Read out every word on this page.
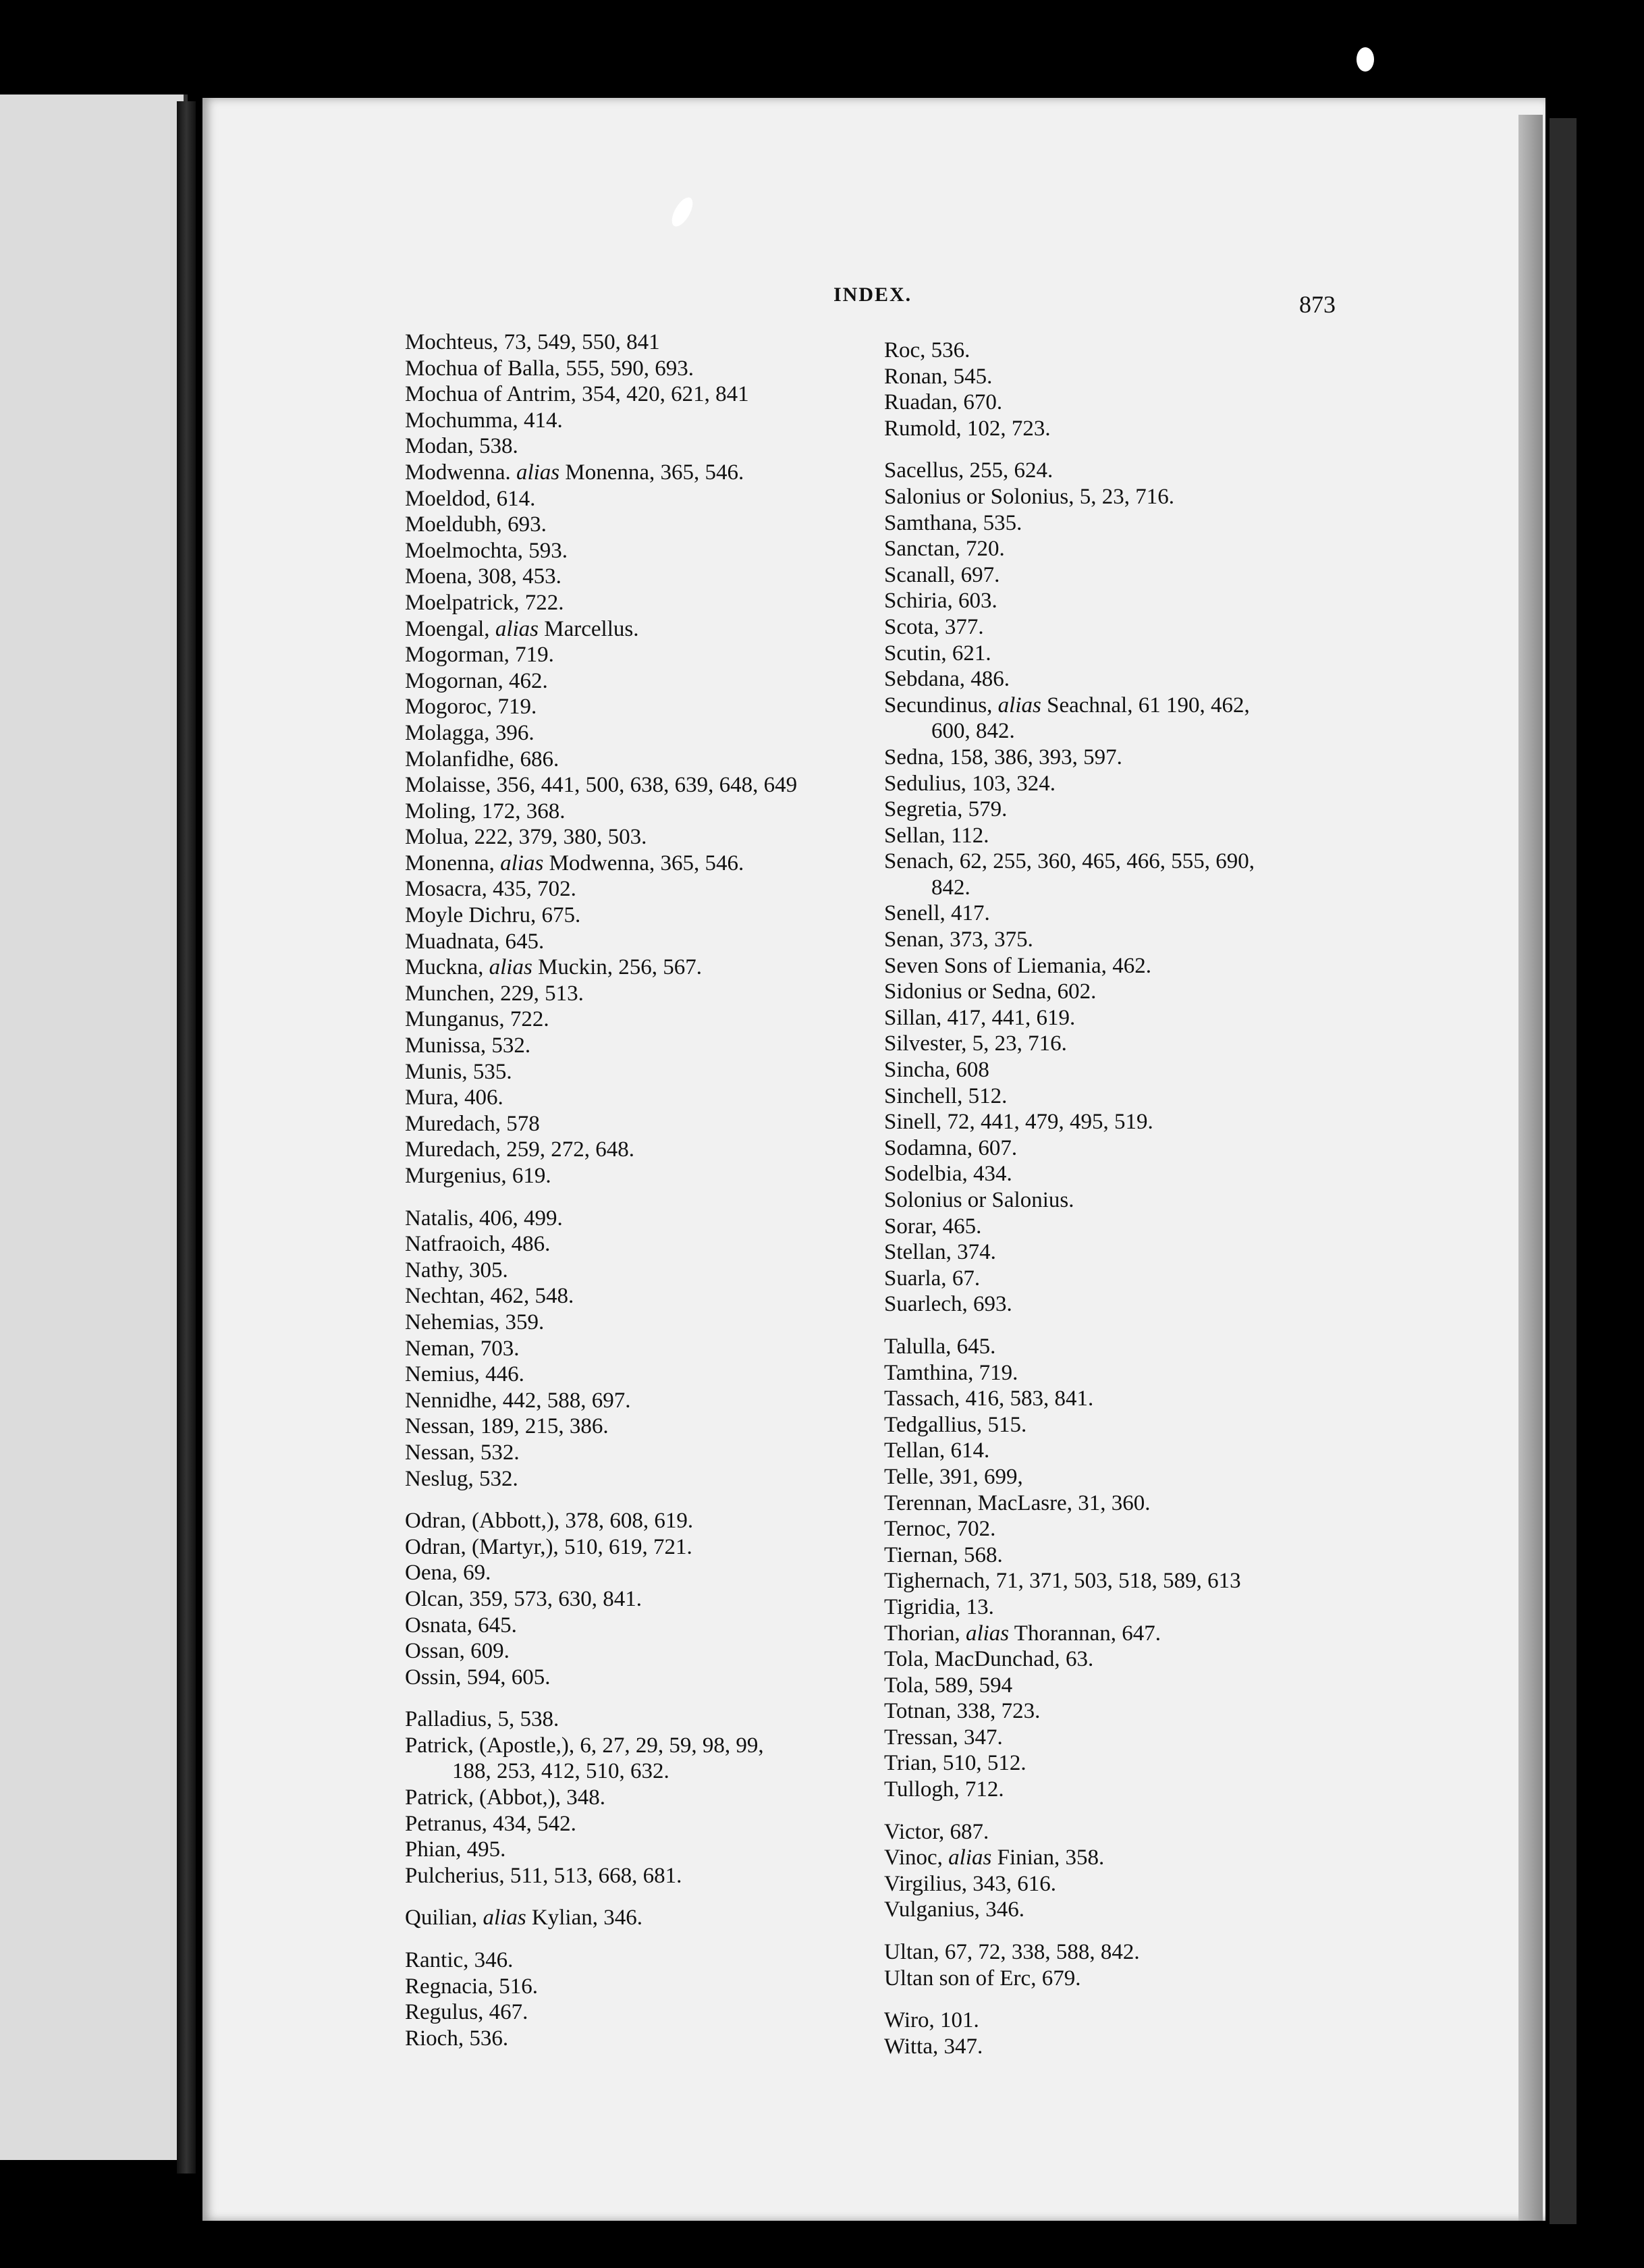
INDEX.	873
Mochteus, 73, 549, 550, 841
Mochua of Balla, 555, 590, 693.
Mochua of Antrim, 354, 420, 621, 841
Mochumma, 414.
Modan, 538.
Modwenna. alias Monenna, 365, 546.
Moeldod, 614.
Moeldubh, 693.
Moelmochta, 593.
Moena, 308, 453.
Moelpatrick, 722.
Moengal, alias Marcellus.
Mogorman, 719.
Mogornan, 462.
Mogoroc, 719.
Molagga, 396.
Molanfidhe, 686.
Molaisse, 356, 441, 500, 638, 639, 648, 649
Moling, 172, 368.
Molua, 222, 379, 380, 503.
Monenna, alias Modwenna, 365, 546.
Mosacra, 435, 702.
Moyle Dichru, 675.
Muadnata, 645.
Muckna, alias Muckin, 256, 567.
Munchen, 229, 513.
Munganus, 722.
Munissa, 532.
Munis, 535.
Mura, 406.
Muredach, 578
Muredach, 259, 272, 648.
Murgenius, 619.
Natalis, 406, 499.
Natfraoich, 486.
Nathy, 305.
Nechtan, 462, 548.
Nehemias, 359.
Neman, 703.
Nemius, 446.
Nennidhe, 442, 588, 697.
Nessan, 189, 215, 386.
Nessan, 532.
Neslug, 532.
Odran, (Abbott,), 378, 608, 619.
Odran, (Martyr,), 510, 619, 721.
Oena, 69.
Olcan, 359, 573, 630, 841.
Osnata, 645.
Ossan, 609.
Ossin, 594, 605.
Palladius, 5, 538.
Patrick, (Apostle,), 6, 27, 29, 59, 98, 99,
188, 253, 412, 510, 632.
Patrick, (Abbot,), 348.
Petranus, 434, 542.
Phian, 495.
Pulcherius, 511, 513, 668, 681.
Quilian, alias Kylian, 346.
Rantic, 346.
Regnacia, 516.
Regulus, 467.
Rioch, 536.
Roc, 536.
Ronan, 545.
Ruadan, 670.
Rumold, 102, 723.
Sacellus, 255, 624.
Salonius or Solonius, 5, 23, 716.
Samthana, 535.
Sanctan, 720.
Scanall, 697.
Schiria, 603.
Scota, 377.
Scutin, 621.
Sebdana, 486.
Secundinus, alias Seachnal, 61 190, 462,
600, 842.
Sedna, 158, 386, 393, 597.
Sedulius, 103, 324.
Segretia, 579.
Sellan, 112.
Senach, 62, 255, 360, 465, 466, 555, 690,
842.
Senell, 417.
Senan, 373, 375.
Seven Sons of Liemania, 462.
Sidonius or Sedna, 602.
Sillan, 417, 441, 619.
Silvester, 5, 23, 716.
Sincha, 608
Sinchell, 512.
Sinell, 72, 441, 479, 495, 519.
Sodamna, 607.
Sodelbia, 434.
Solonius or Salonius.
Sorar, 465.
Stellan, 374.
Suarla, 67.
Suarlech, 693.
Talulla, 645.
Tamthina, 719.
Tassach, 416, 583, 841.
Tedgallius, 515.
Tellan, 614.
Telle, 391, 699,
Terennan, MacLasre, 31, 360.
Ternoc, 702.
Tiernan, 568.
Tighernach, 71, 371, 503, 518, 589, 613
Tigridia, 13.
Thorian, alias Thorannan, 647.
Tola, MacDunchad, 63.
Tola, 589, 594
Totnan, 338, 723.
Tressan, 347.
Trian, 510, 512.
Tullogh, 712.
Victor, 687.
Vinoc, alias Finian, 358.
Virgilius, 343, 616.
Vulganius, 346.
Ultan, 67, 72, 338, 588, 842.
Ultan son of Erc, 679.
Wiro, 101.
Witta, 347.
